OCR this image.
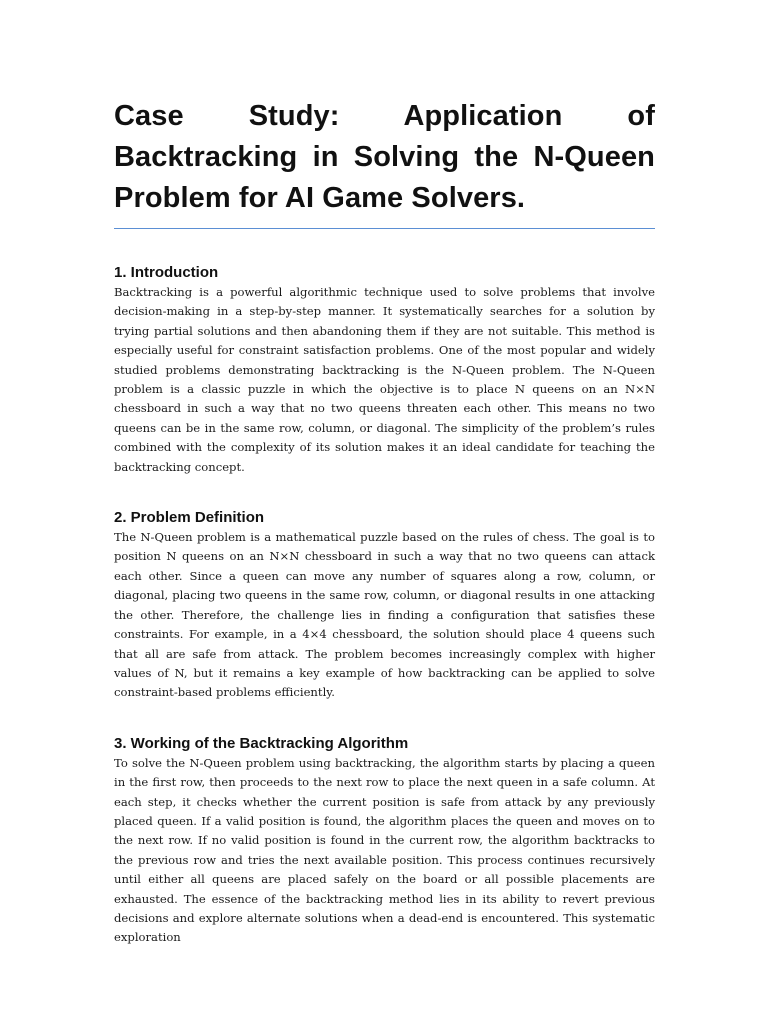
Case Study: Application of Backtracking in Solving the N-Queen Problem for AI Game Solvers.
1. Introduction

Backtracking is a powerful algorithmic technique used to solve problems that involve decision-making in a step-by-step manner. It systematically searches for a solution by trying partial solutions and then abandoning them if they are not suitable. This method is especially useful for constraint satisfaction problems. One of the most popular and widely studied problems demonstrating backtracking is the N-Queen problem. The N-Queen problem is a classic puzzle in which the objective is to place N queens on an N×N chessboard in such a way that no two queens threaten each other. This means no two queens can be in the same row, column, or diagonal. The simplicity of the problem’s rules combined with the complexity of its solution makes it an ideal candidate for teaching the backtracking concept.

2. Problem Definition

The N-Queen problem is a mathematical puzzle based on the rules of chess. The goal is to position N queens on an N×N chessboard in such a way that no two queens can attack each other. Since a queen can move any number of squares along a row, column, or diagonal, placing two queens in the same row, column, or diagonal results in one attacking the other. Therefore, the challenge lies in finding a configuration that satisfies these constraints. For example, in a 4×4 chessboard, the solution should place 4 queens such that all are safe from attack. The problem becomes increasingly complex with higher values of N, but it remains a key example of how backtracking can be applied to solve constraint-based problems efficiently.

3. Working of the Backtracking Algorithm

To solve the N-Queen problem using backtracking, the algorithm starts by placing a queen in the first row, then proceeds to the next row to place the next queen in a safe column. At each step, it checks whether the current position is safe from attack by any previously placed queen. If a valid position is found, the algorithm places the queen and moves on to the next row. If no valid position is found in the current row, the algorithm backtracks to the previous row and tries the next available position. This process continues recursively until either all queens are placed safely on the board or all possible placements are exhausted. The essence of the backtracking method lies in its ability to revert previous decisions and explore alternate solutions when a dead-end is encountered. This systematic exploration
